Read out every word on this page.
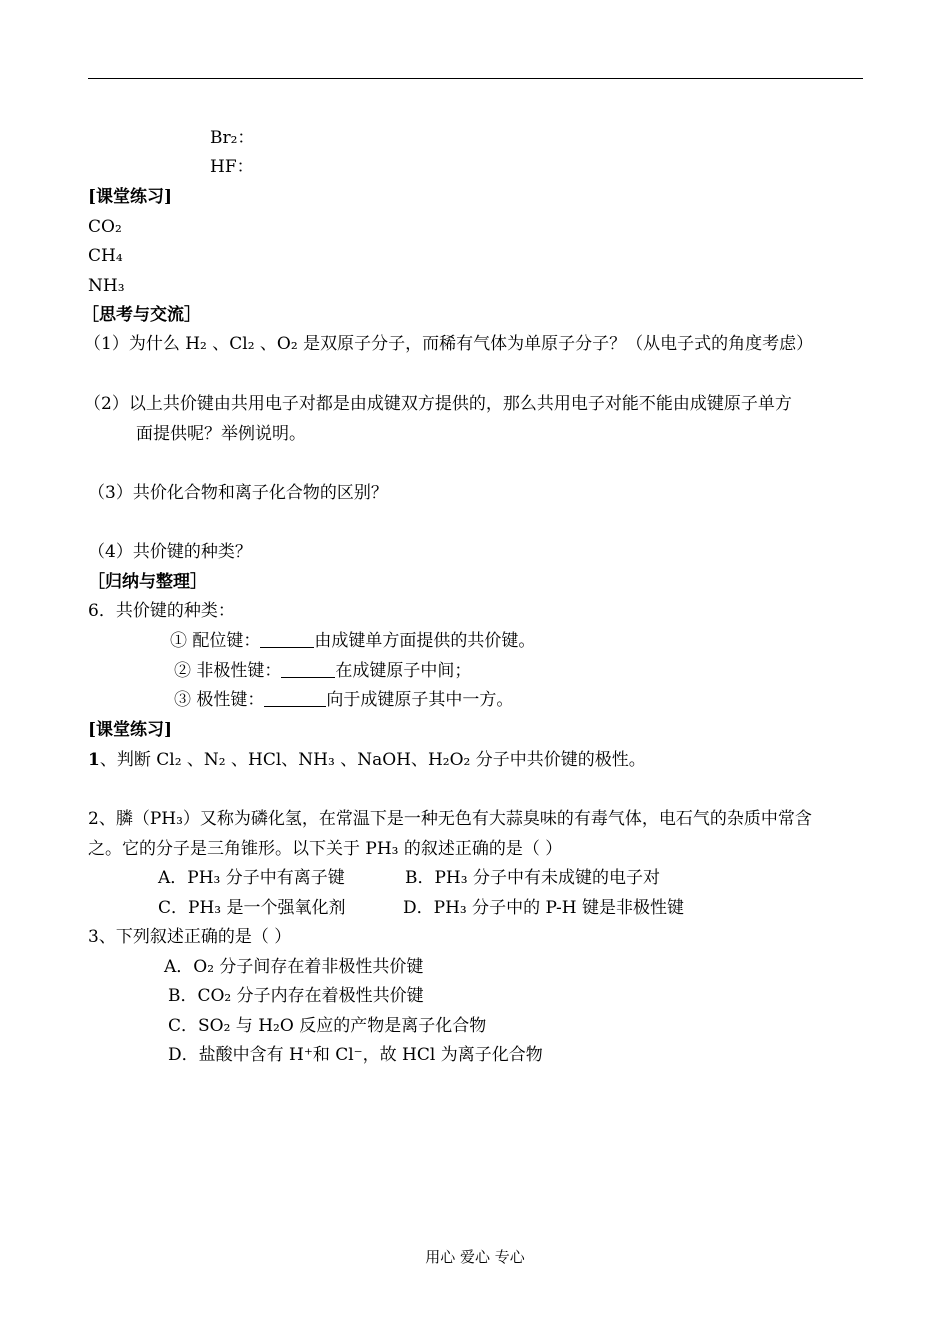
Br₂：
HF：
[课堂练习]
CO₂
CH₄
NH₃
［思考与交流］
（1）为什么 H₂ 、Cl₂ 、O₂ 是双原子分子，而稀有气体为单原子分子？（从电子式的角度考虑）
（2）以上共价键由共用电子对都是由成键双方提供的，那么共用电子对能不能由成键原子单方
面提供呢？举例说明。
（3）共价化合物和离子化合物的区别？
（4）共价键的种类？
［归纳与整理］
6．共价键的种类：
① 配位键：	由成键单方面提供的共价键。
② 非极性键：	在成键原子中间；
③ 极性键：	向于成键原子其中一方。
[课堂练习]
1、判断 Cl₂ 、N₂ 、HCl、NH₃ 、NaOH、H₂O₂ 分子中共价键的极性。
2、膦（PH₃）又称为磷化氢，在常温下是一种无色有大蒜臭味的有毒气体，电石气的杂质中常含
之。它的分子是三角锥形。以下关于 PH₃ 的叙述正确的是（ ）
A．PH₃ 分子中有离子键	B．PH₃ 分子中有未成键的电子对
C．PH₃ 是一个强氧化剂	D．PH₃ 分子中的 P-H 键是非极性键
3、下列叙述正确的是（ ）
A．O₂ 分子间存在着非极性共价键
B．CO₂ 分子内存在着极性共价键
C．SO₂ 与 H₂O 反应的产物是离子化合物
D．盐酸中含有 H⁺和 Cl⁻，故 HCl 为离子化合物
用心 爱心 专心
